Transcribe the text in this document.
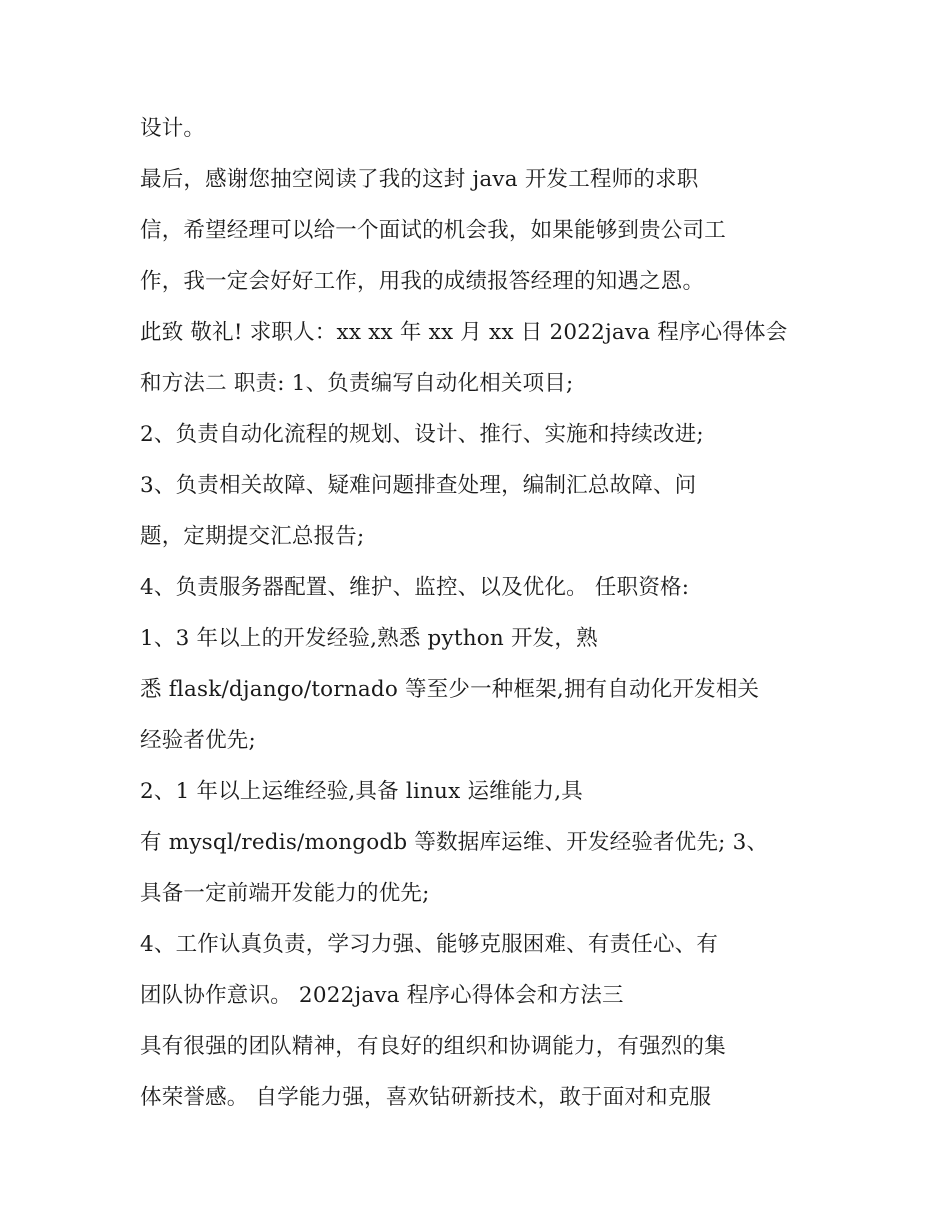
设计。
最后，感谢您抽空阅读了我的这封 java 开发工程师的求职
信，希望经理可以给一个面试的机会我，如果能够到贵公司工
作，我一定会好好工作，用我的成绩报答经理的知遇之恩。
此致 敬礼! 求职人：xx xx 年 xx 月 xx 日 2022java 程序心得体会
和方法二 职责: 1、负责编写自动化相关项目;
2、负责自动化流程的规划、设计、推行、实施和持续改进;
3、负责相关故障、疑难问题排查处理，编制汇总故障、问
题，定期提交汇总报告;
4、负责服务器配置、维护、监控、以及优化。 任职资格:
1、3 年以上的开发经验,熟悉 python 开发，熟
悉 flask/django/tornado 等至少一种框架,拥有自动化开发相关
经验者优先;
2、1 年以上运维经验,具备 linux 运维能力,具
有 mysql/redis/mongodb 等数据库运维、开发经验者优先; 3、
具备一定前端开发能力的优先;
4、工作认真负责，学习力强、能够克服困难、有责任心、有
团队协作意识。 2022java 程序心得体会和方法三
具有很强的团队精神，有良好的组织和协调能力，有强烈的集
体荣誉感。 自学能力强，喜欢钻研新技术，敢于面对和克服
